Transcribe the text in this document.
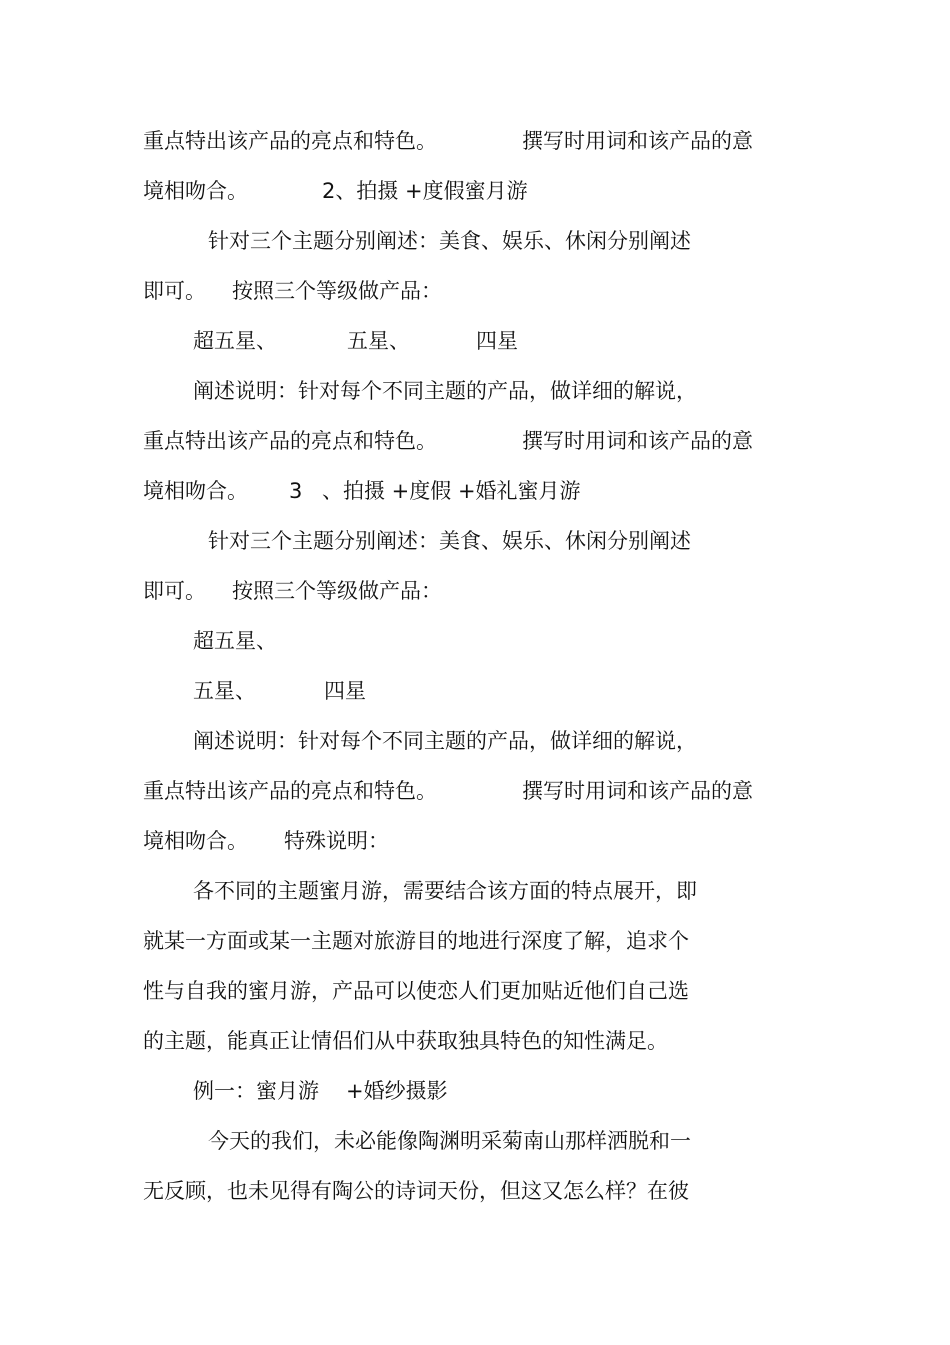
重点特出该产品的亮点和特色。	撰写时用词和该产品的意
境相吻合。	2、拍摄 +度假蜜月游
针对三个主题分别阐述：美食、娱乐、休闲分别阐述
即可。 按照三个等级做产品：
超五星、	五星、	四星
阐述说明：针对每个不同主题的产品，做详细的解说，
重点特出该产品的亮点和特色。	撰写时用词和该产品的意
境相吻合。 3 、拍摄 +度假 +婚礼蜜月游
针对三个主题分别阐述：美食、娱乐、休闲分别阐述
即可。 按照三个等级做产品：
超五星、
五星、	四星
阐述说明：针对每个不同主题的产品，做详细的解说，
重点特出该产品的亮点和特色。	撰写时用词和该产品的意
境相吻合。 特殊说明：
各不同的主题蜜月游，需要结合该方面的特点展开，即
就某一方面或某一主题对旅游目的地进行深度了解，追求个
性与自我的蜜月游，产品可以使恋人们更加贴近他们自己选
的主题，能真正让情侣们从中获取独具特色的知性满足。
例一：蜜月游 +婚纱摄影
今天的我们，未必能像陶渊明采菊南山那样洒脱和一
无反顾，也未见得有陶公的诗词天份，但这又怎么样？在彼
